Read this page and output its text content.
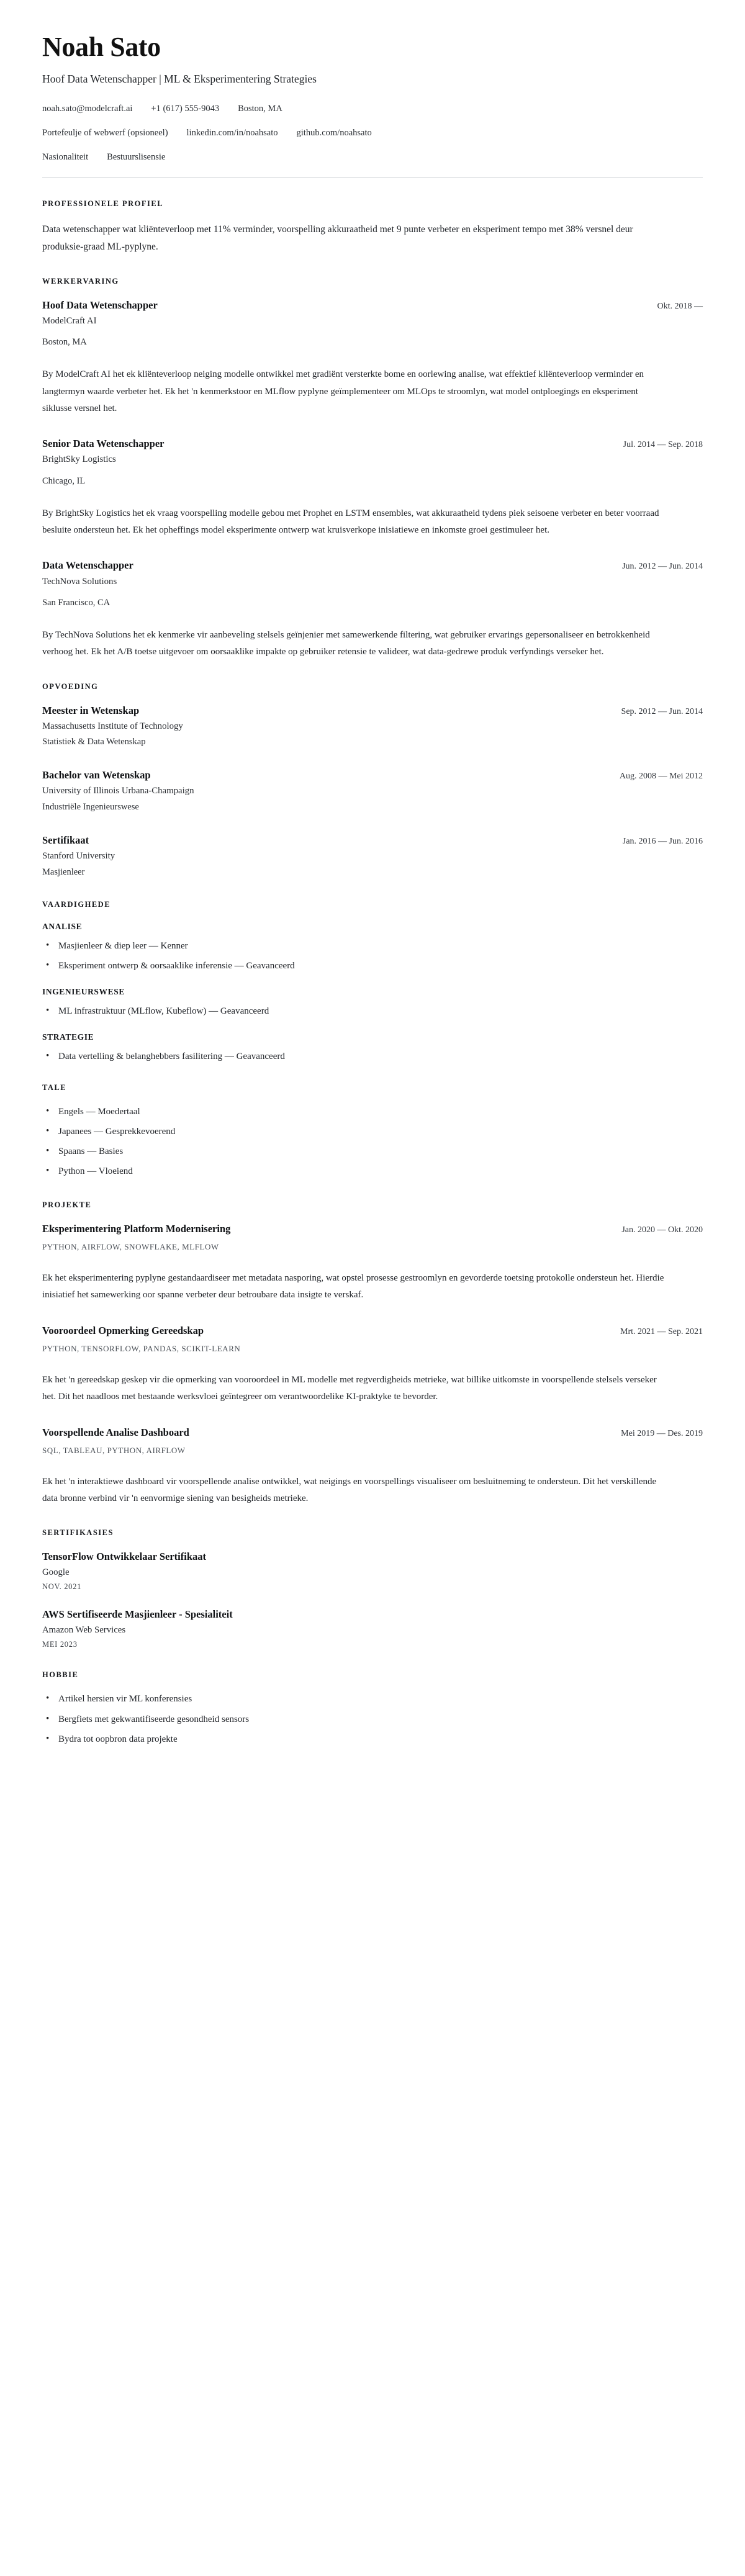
Noah Sato
Hoof Data Wetenschapper | ML & Eksperimentering Strategies
noah.sato@modelcraft.ai +1 (617) 555-9043 Boston, MA
Portefeulje of webwerf (opsioneel) linkedin.com/in/noahsato github.com/noahsato
Nasionaliteit Bestuurslisensie
PROFESSIONELE PROFIEL

Data wetenschapper wat kliënteverloop met 11% verminder, voorspelling akkuraatheid met 9 punte verbeter en eksperiment tempo met 38% versnel deur produksie-graad ML-pyplyne.

WERKERVARING
Hoof Data Wetenschapper	Okt. 2018 —
ModelCraft AI
Boston, MA

By ModelCraft AI het ek kliënteverloop neiging modelle ontwikkel met gradiënt versterkte bome en oorlewing analise, wat effektief kliënteverloop verminder en langtermyn waarde verbeter het. Ek het 'n kenmerkstoor en MLflow pyplyne geïmplementeer om MLOps te stroomlyn, wat model ontploegings en eksperiment siklusse versnel het.

Senior Data Wetenschapper	Jul. 2014 — Sep. 2018
BrightSky Logistics
Chicago, IL

By BrightSky Logistics het ek vraag voorspelling modelle gebou met Prophet en LSTM ensembles, wat akkuraatheid tydens piek seisoene verbeter en beter voorraad besluite ondersteun het. Ek het opheffings model eksperimente ontwerp wat kruisverkope inisiatiewe en inkomste groei gestimuleer het.

Data Wetenschapper	Jun. 2012 — Jun. 2014
TechNova Solutions
San Francisco, CA

By TechNova Solutions het ek kenmerke vir aanbeveling stelsels geïnjenier met samewerkende filtering, wat gebruiker ervarings gepersonaliseer en betrokkenheid verhoog het. Ek het A/B toetse uitgevoer om oorsaaklike impakte op gebruiker retensie te valideer, wat data-gedrewe produk verfyndings verseker het.

OPVOEDING
Meester in Wetenskap	Sep. 2012 — Jun. 2014
Massachusetts Institute of Technology
Statistiek & Data Wetenskap
Bachelor van Wetenskap	Aug. 2008 — Mei 2012
University of Illinois Urbana-Champaign
Industriële Ingenieurswese
Sertifikaat	Jan. 2016 — Jun. 2016
Stanford University
Masjienleer
VAARDIGHEDE
ANALISE
• Masjienleer & diep leer — Kenner
• Eksperiment ontwerp & oorsaaklike inferensie — Geavanceerd
INGENIEURSWESE
• ML infrastruktuur (MLflow, Kubeflow) — Geavanceerd
STRATEGIE
• Data vertelling & belanghebbers fasilitering — Geavanceerd
TALE
• Engels — Moedertaal
• Japanees — Gesprekkevoerend
• Spaans — Basies
• Python — Vloeiend
PROJEKTE
Eksperimentering Platform Modernisering	Jan. 2020 — Okt. 2020
PYTHON, AIRFLOW, SNOWFLAKE, MLFLOW

Ek het eksperimentering pyplyne gestandaardiseer met metadata nasporing, wat opstel prosesse gestroomlyn en gevorderde toetsing protokolle ondersteun het. Hierdie inisiatief het samewerking oor spanne verbeter deur betroubare data insigte te verskaf.

Vooroordeel Opmerking Gereedskap	Mrt. 2021 — Sep. 2021
PYTHON, TENSORFLOW, PANDAS, SCIKIT-LEARN

Ek het 'n gereedskap geskep vir die opmerking van vooroordeel in ML modelle met regverdigheids metrieke, wat billike uitkomste in voorspellende stelsels verseker het. Dit het naadloos met bestaande werksvloei geïntegreer om verantwoordelike KI-praktyke te bevorder.

Voorspellende Analise Dashboard	Mei 2019 — Des. 2019
SQL, TABLEAU, PYTHON, AIRFLOW

Ek het 'n interaktiewe dashboard vir voorspellende analise ontwikkel, wat neigings en voorspellings visualiseer om besluitneming te ondersteun. Dit het verskillende data bronne verbind vir 'n eenvormige siening van besigheids metrieke.

SERTIFIKASIES
TensorFlow Ontwikkelaar Sertifikaat
Google
NOV. 2021
AWS Sertifiseerde Masjienleer - Spesialiteit
Amazon Web Services
MEI 2023
HOBBIE
• Artikel hersien vir ML konferensies
• Bergfiets met gekwantifiseerde gesondheid sensors
• Bydra tot oopbron data projekte
